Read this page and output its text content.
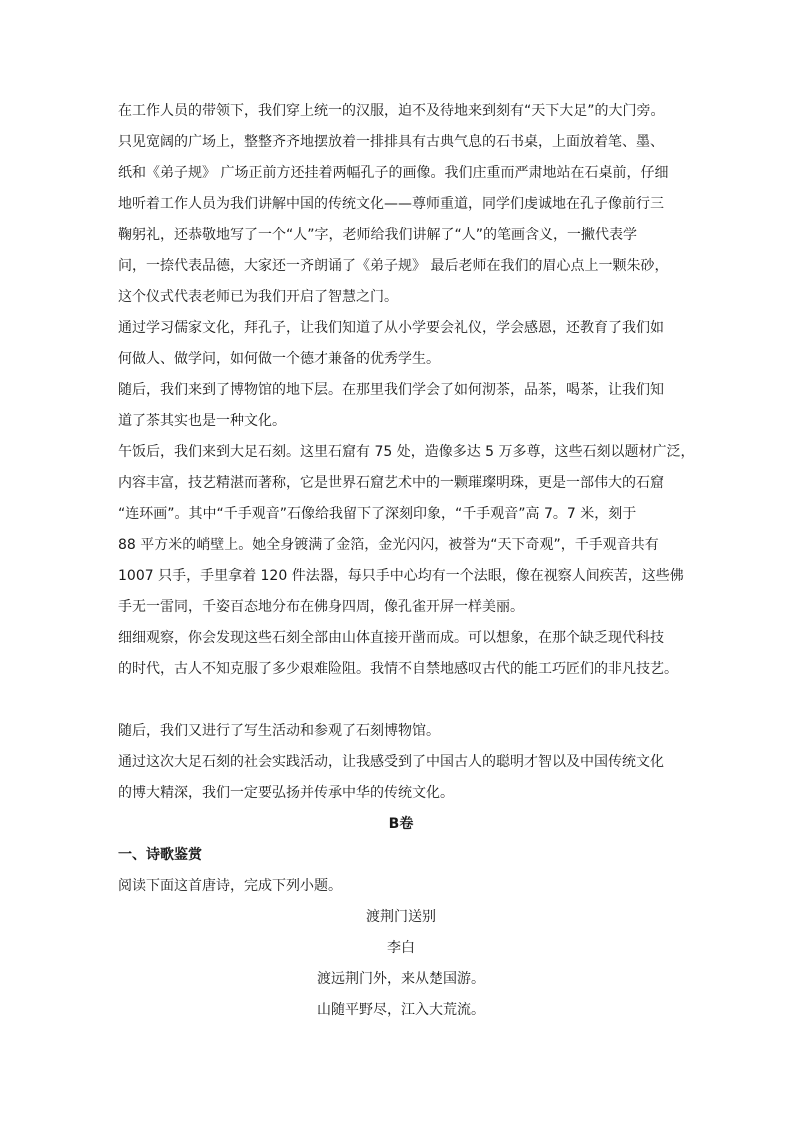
在工作人员的带领下，我们穿上统一的汉服，迫不及待地来到刻有“天下大足”的大门旁。
只见宽阔的广场上，整整齐齐地摆放着一排排具有古典气息的石书桌，上面放着笔、墨、
纸和《弟子规》 广场正前方还挂着两幅孔子的画像。我们庄重而严肃地站在石桌前，仔细
地听着工作人员为我们讲解中国的传统文化——尊师重道，同学们虔诚地在孔子像前行三
鞠躬礼，还恭敬地写了一个“人”字，老师给我们讲解了“人”的笔画含义，一撇代表学
问，一捺代表品德，大家还一齐朗诵了《弟子规》 最后老师在我们的眉心点上一颗朱砂，
这个仪式代表老师已为我们开启了智慧之门。
通过学习儒家文化，拜孔子，让我们知道了从小学要会礼仪，学会感恩，还教育了我们如
何做人、做学问，如何做一个德才兼备的优秀学生。
随后，我们来到了博物馆的地下层。在那里我们学会了如何沏茶，品茶，喝茶，让我们知
道了茶其实也是一种文化。
午饭后，我们来到大足石刻。这里石窟有 75 处，造像多达 5 万多尊，这些石刻以题材广泛，
内容丰富，技艺精湛而著称，它是世界石窟艺术中的一颗璀璨明珠，更是一部伟大的石窟
“连环画”。其中“千手观音”石像给我留下了深刻印象，“千手观音”高 7。7 米，刻于
88 平方米的峭壁上。她全身镀满了金箔，金光闪闪，被誉为“天下奇观”，千手观音共有
1007 只手，手里拿着 120 件法器，每只手中心均有一个法眼，像在视察人间疾苦，这些佛
手无一雷同，千姿百态地分布在佛身四周，像孔雀开屏一样美丽。
细细观察，你会发现这些石刻全部由山体直接开凿而成。可以想象，在那个缺乏现代科技
的时代，古人不知克服了多少艰难险阻。我情不自禁地感叹古代的能工巧匠们的非凡技艺。
随后，我们又进行了写生活动和参观了石刻博物馆。
通过这次大足石刻的社会实践活动，让我感受到了中国古人的聪明才智以及中国传统文化
的博大精深，我们一定要弘扬并传承中华的传统文化。
B卷
一、诗歌鉴赏
阅读下面这首唐诗，完成下列小题。
渡荆门送别
李白
渡远荆门外，来从楚国游。
山随平野尽，江入大荒流。
